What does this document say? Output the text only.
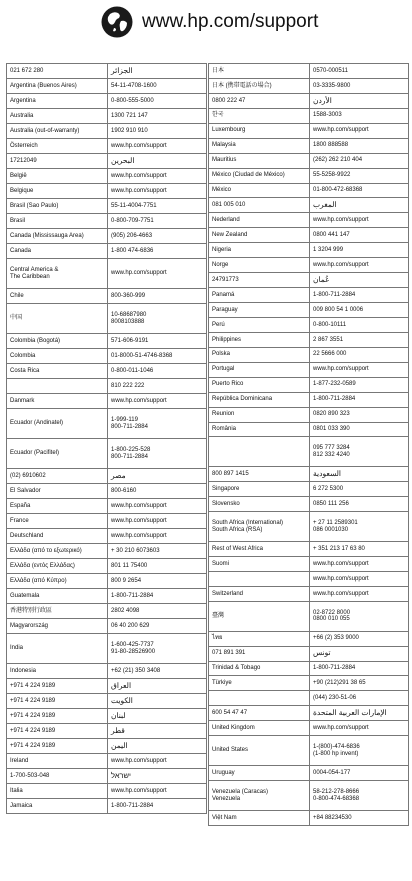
www.hp.com/support
021 672 280	الجزائر

Argentina (Buenos Aires)	54-11-4708-1600

Argentina	0-800-555-5000

Australia	1300 721 147

Australia (out-of-warranty)	1902 910 910

Österreich	www.hp.com/support

17212049	البحرين

België	www.hp.com/support

Belgique	www.hp.com/support

Brasil (Sao Paulo)	55-11-4004-7751

Brasil	0-800-709-7751

Canada (Mississauga Area)	(905) 206-4663

Canada	1-800 474-6836

Central America &
The Caribbean	www.hp.com/support

Chile	800-360-999

中国	10-68687980
8008103888

Colombia (Bogotá)	571-606-9191

Colombia	01-8000-51-4746-8368

Costa Rica	0-800-011-1046

	810 222 222

Danmark	www.hp.com/support

Ecuador (Andinatel)	1-999-119
800-711-2884

Ecuador (Pacifitel)	1-800-225-528
800-711-2884

(02) 6910602	مصر

El Salvador	800-6160

España	www.hp.com/support

France	www.hp.com/support

Deutschland	www.hp.com/support

Ελλάδα (από το εξωτερικό)	+ 30 210 6073603

Ελλάδα (εντός Ελλάδας)	801 11 75400

Ελλάδα (από Κύπρο)	800 9 2654

Guatemala	1-800-711-2884

香港特別行政區	2802 4098

Magyarország	06 40 200 629

India	1-600-425-7737
91-80-28526900

Indonesia	+62 (21) 350 3408

+971 4 224 9189	العراق

+971 4 224 9189	الكويت

+971 4 224 9189	لبنان

+971 4 224 9189	قطر

+971 4 224 9189	اليمن

Ireland	www.hp.com/support

1-700-503-048	ישראל

Italia	www.hp.com/support

Jamaica	1-800-711-2884
日本	0570-000511

日本 (携帯電話の場合)	03-3335-9800

0800 222 47	الأردن

한국	1588-3003

Luxembourg	www.hp.com/support

Malaysia	1800 888588

Mauritius	(262) 262 210 404

México (Ciudad de México)	55-5258-9922

México	01-800-472-68368

081 005 010	المغرب

Nederland	www.hp.com/support

New Zealand	0800 441 147

Nigeria	1 3204 999

Norge	www.hp.com/support

24791773	عُمان

Panamá	1-800-711-2884

Paraguay	009 800 54 1 0006

Perú	0-800-10111

Philippines	2 867 3551

Polska	22 5666 000

Portugal	www.hp.com/support

Puerto Rico	1-877-232-0589

República Dominicana	1-800-711-2884

Reunion	0820 890 323

România	0801 033 390

	095 777 3284
812 332 4240

800 897 1415	السعودية

Singapore	6 272 5300

Slovensko	0850 111 256

South Africa (International)
South Africa (RSA)	+ 27 11 2589301
086 0001030

Rest of West Africa	+ 351 213 17 63 80

Suomi	www.hp.com/support

	www.hp.com/support

Switzerland	www.hp.com/support

臺灣	02-8722 8000
0800 010 055

ไทย	+66 (2) 353 9000

071 891 391	تونس

Trinidad & Tobago	1-800-711-2884

Türkiye	+90 (212)291 38 65

	(044) 230-51-06

600 54 47 47	الإمارات العربية المتحدة

United Kingdom	www.hp.com/support

United States	1-(800)-474-6836
(1-800 hp invent)

Uruguay	0004-054-177

Venezuela (Caracas)
Venezuela	58-212-278-8666
0-800-474-68368

Việt Nam	+84 88234530
